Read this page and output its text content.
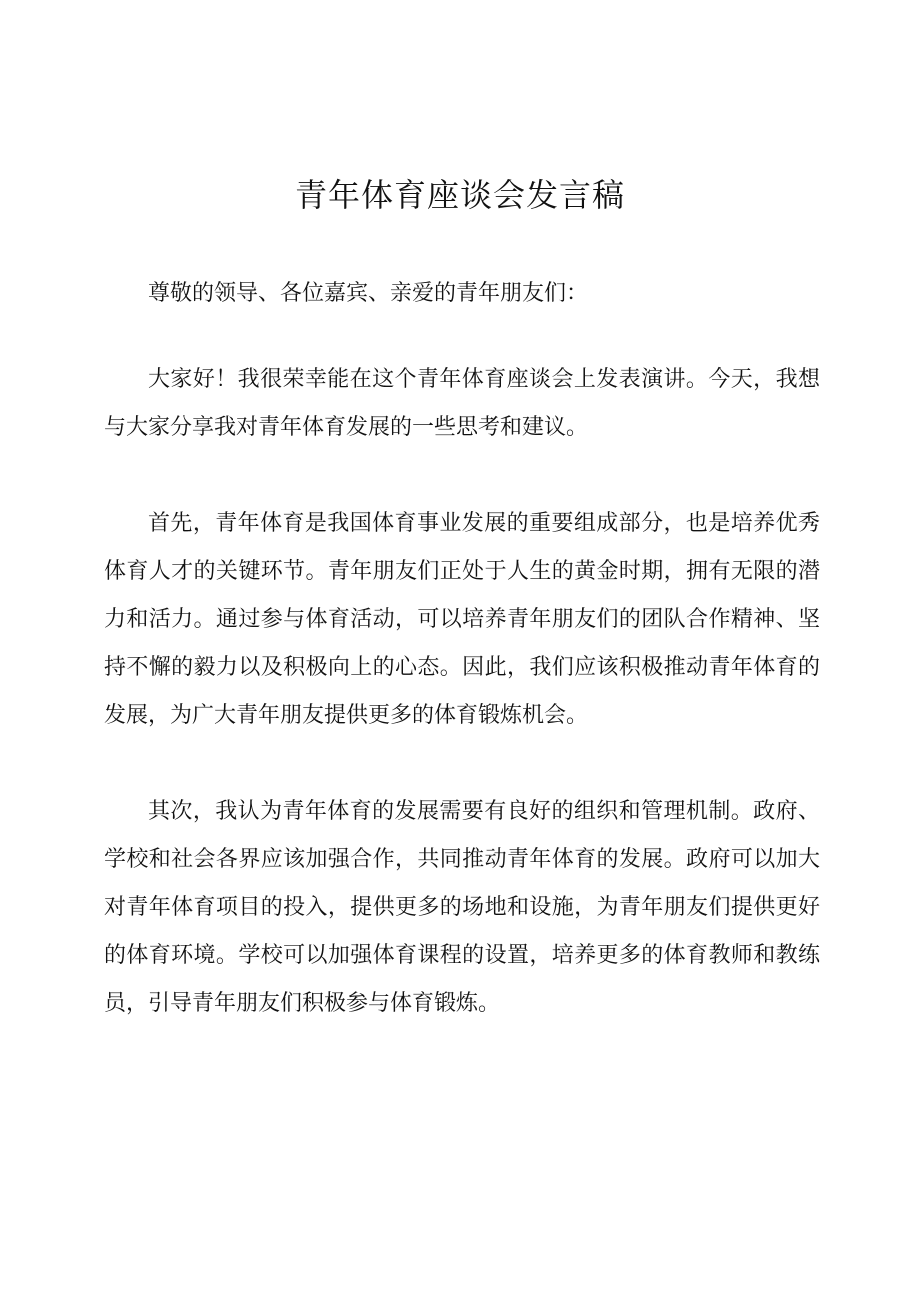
青年体育座谈会发言稿

尊敬的领导、各位嘉宾、亲爱的青年朋友们：

大家好！我很荣幸能在这个青年体育座谈会上发表演讲。今天，我想与大家分享我对青年体育发展的一些思考和建议。

首先，青年体育是我国体育事业发展的重要组成部分，也是培养优秀体育人才的关键环节。青年朋友们正处于人生的黄金时期，拥有无限的潜力和活力。通过参与体育活动，可以培养青年朋友们的团队合作精神、坚持不懈的毅力以及积极向上的心态。因此，我们应该积极推动青年体育的发展，为广大青年朋友提供更多的体育锻炼机会。

其次，我认为青年体育的发展需要有良好的组织和管理机制。政府、学校和社会各界应该加强合作，共同推动青年体育的发展。政府可以加大对青年体育项目的投入，提供更多的场地和设施，为青年朋友们提供更好的体育环境。学校可以加强体育课程的设置，培养更多的体育教师和教练员，引导青年朋友们积极参与体育锻炼。
